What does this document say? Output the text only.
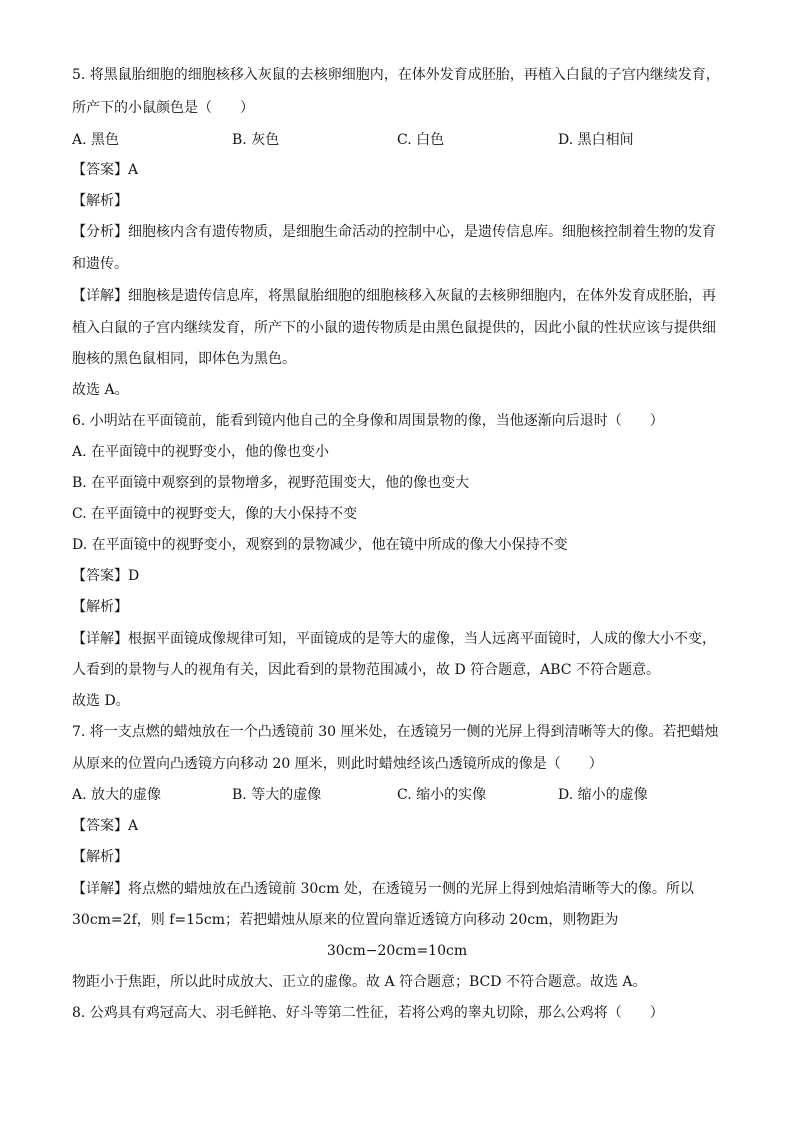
5. 将黑鼠胎细胞的细胞核移入灰鼠的去核卵细胞内，在体外发育成胚胎，再植入白鼠的子宫内继续发育，
所产下的小鼠颜色是（　　）
A. 黑色	B. 灰色	C. 白色	D. 黑白相间
【答案】A
【解析】
【分析】细胞核内含有遗传物质，是细胞生命活动的控制中心，是遗传信息库。细胞核控制着生物的发育
和遗传。
【详解】细胞核是遗传信息库，将黑鼠胎细胞的细胞核移入灰鼠的去核卵细胞内，在体外发育成胚胎，再
植入白鼠的子宫内继续发育，所产下的小鼠的遗传物质是由黑色鼠提供的，因此小鼠的性状应该与提供细
胞核的黑色鼠相同，即体色为黑色。
故选 A。
6. 小明站在平面镜前，能看到镜内他自己的全身像和周围景物的像，当他逐渐向后退时（　　）
A. 在平面镜中的视野变小，他的像也变小
B. 在平面镜中观察到的景物增多，视野范围变大，他的像也变大
C. 在平面镜中的视野变大，像的大小保持不变
D. 在平面镜中的视野变小，观察到的景物减少，他在镜中所成的像大小保持不变
【答案】D
【解析】
【详解】根据平面镜成像规律可知，平面镜成的是等大的虚像，当人远离平面镜时，人成的像大小不变，
人看到的景物与人的视角有关，因此看到的景物范围减小，故 D 符合题意，ABC 不符合题意。
故选 D。
7. 将一支点燃的蜡烛放在一个凸透镜前 30 厘米处，在透镜另一侧的光屏上得到清晰等大的像。若把蜡烛
从原来的位置向凸透镜方向移动 20 厘米，则此时蜡烛经该凸透镜所成的像是（　　）
A. 放大的虚像	B. 等大的虚像	C. 缩小的实像	D. 缩小的虚像
【答案】A
【解析】
【详解】将点燃的蜡烛放在凸透镜前 30cm 处，在透镜另一侧的光屏上得到烛焰清晰等大的像。所以
30cm=2f，则 f=15cm；若把蜡烛从原来的位置向靠近透镜方向移动 20cm，则物距为
30cm−20cm=10cm
物距小于焦距，所以此时成放大、正立的虚像。故 A 符合题意；BCD 不符合题意。故选 A。
8. 公鸡具有鸡冠高大、羽毛鲜艳、好斗等第二性征，若将公鸡的睾丸切除，那么公鸡将（　　）
